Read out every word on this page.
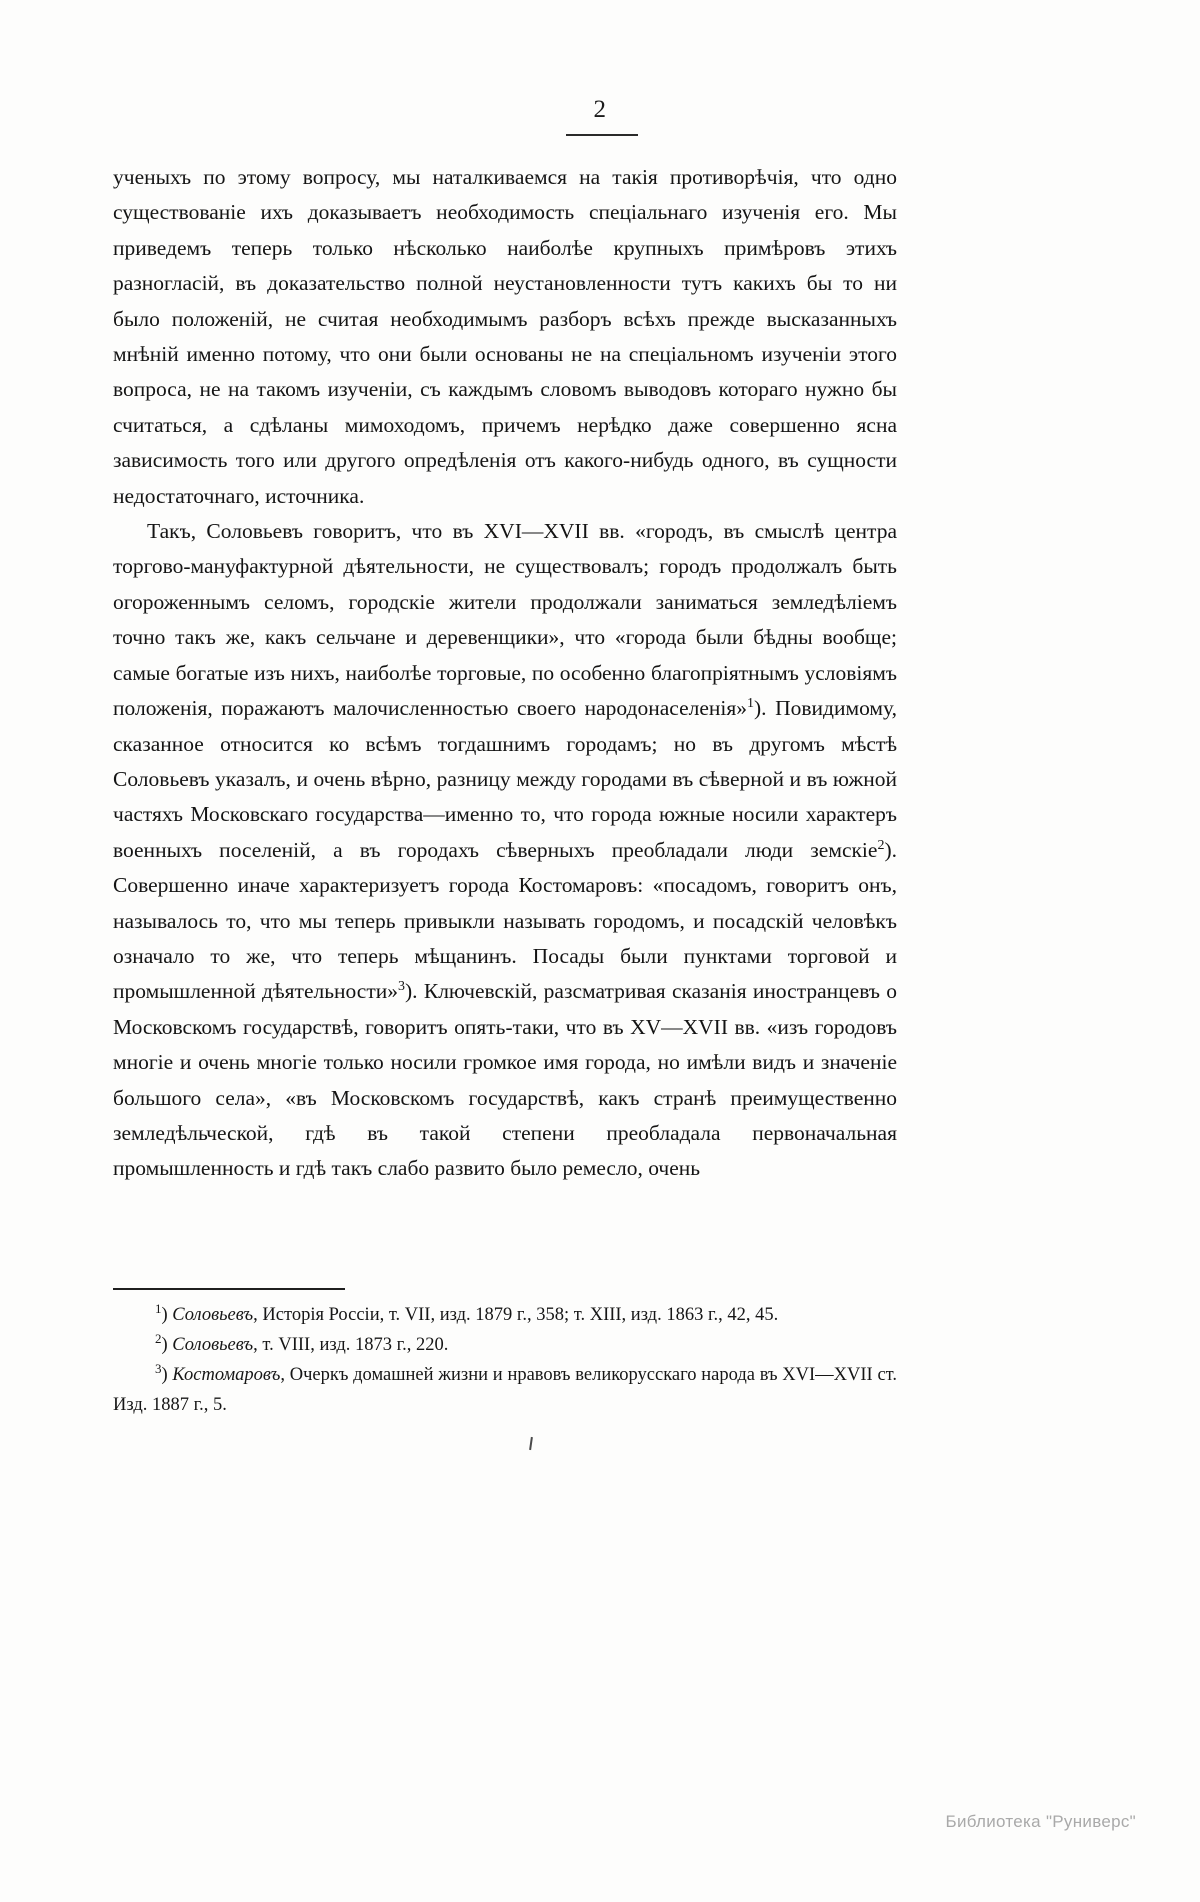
2

ученыхъ по этому вопросу, мы наталкиваемся на такія противорѣчія, что одно существованіе ихъ доказываетъ необходимость спеціальнаго изученія его. Мы приведемъ теперь только нѣсколько наиболѣе крупныхъ примѣровъ этихъ разногласій, въ доказательство полной неустановленности тутъ какихъ бы то ни было положеній, не считая необходимымъ разборъ всѣхъ прежде высказанныхъ мнѣній именно потому, что они были основаны не на спеціальномъ изученіи этого вопроса, не на такомъ изученіи, съ каждымъ словомъ выводовъ котораго нужно бы считаться, а сдѣланы мимоходомъ, причемъ нерѣдко даже совершенно ясна зависимость того или другого опредѣленія отъ какого-нибудь одного, въ сущности недостаточнаго, источника.

Такъ, Соловьевъ говоритъ, что въ XVI—XVII вв. «городъ, въ смыслѣ центра торгово-мануфактурной дѣятельности, не существовалъ; городъ продолжалъ быть огороженнымъ селомъ, городскіе жители продолжали заниматься земледѣліемъ точно такъ же, какъ сельчане и деревенщики», что «города были бѣдны вообще; самые богатые изъ нихъ, наиболѣе торговые, по особенно благопріятнымъ условіямъ положенія, поражаютъ малочисленностью своего народонаселенія»$^1$). Повидимому, сказанное относится ко всѣмъ тогдашнимъ городамъ; но въ другомъ мѣстѣ Соловьевъ указалъ, и очень вѣрно, разницу между городами въ сѣверной и въ южной частяхъ Московскаго государства—именно то, что города южные носили характеръ военныхъ поселеній, а въ городахъ сѣверныхъ преобладали люди земскіе$^2$). Совершенно иначе характеризуетъ города Костомаровъ: «посадомъ, говоритъ онъ, называлось то, что мы теперь привыкли называть городомъ, и посадскій человѣкъ означало то же, что теперь мѣщанинъ. Посады были пунктами торговой и промышленной дѣятельности»$^3$). Ключевскій, разсматривая сказанія иностранцевъ о Московскомъ государствѣ, говоритъ опять-таки, что въ XV—XVII вв. «изъ городовъ многіе и очень многіе только носили громкое имя города, но имѣли видъ и значеніе большого села», «въ Московскомъ государствѣ, какъ странѣ преимущественно земледѣльческой, гдѣ въ такой степени преобладала первоначальная промышленность и гдѣ такъ слабо развито было ремесло, очень

$^1$) Соловьевъ, Исторія Россіи, т. VII, изд. 1879 г., 358; т. XIII, изд. 1863 г., 42, 45.

$^2$) Соловьевъ, т. VIII, изд. 1873 г., 220.

$^3$) Костомаровъ, Очеркъ домашней жизни и нравовъ великорусскаго народа въ XVI—XVII ст. Изд. 1887 г., 5.

Библиотека "Руниверс"
